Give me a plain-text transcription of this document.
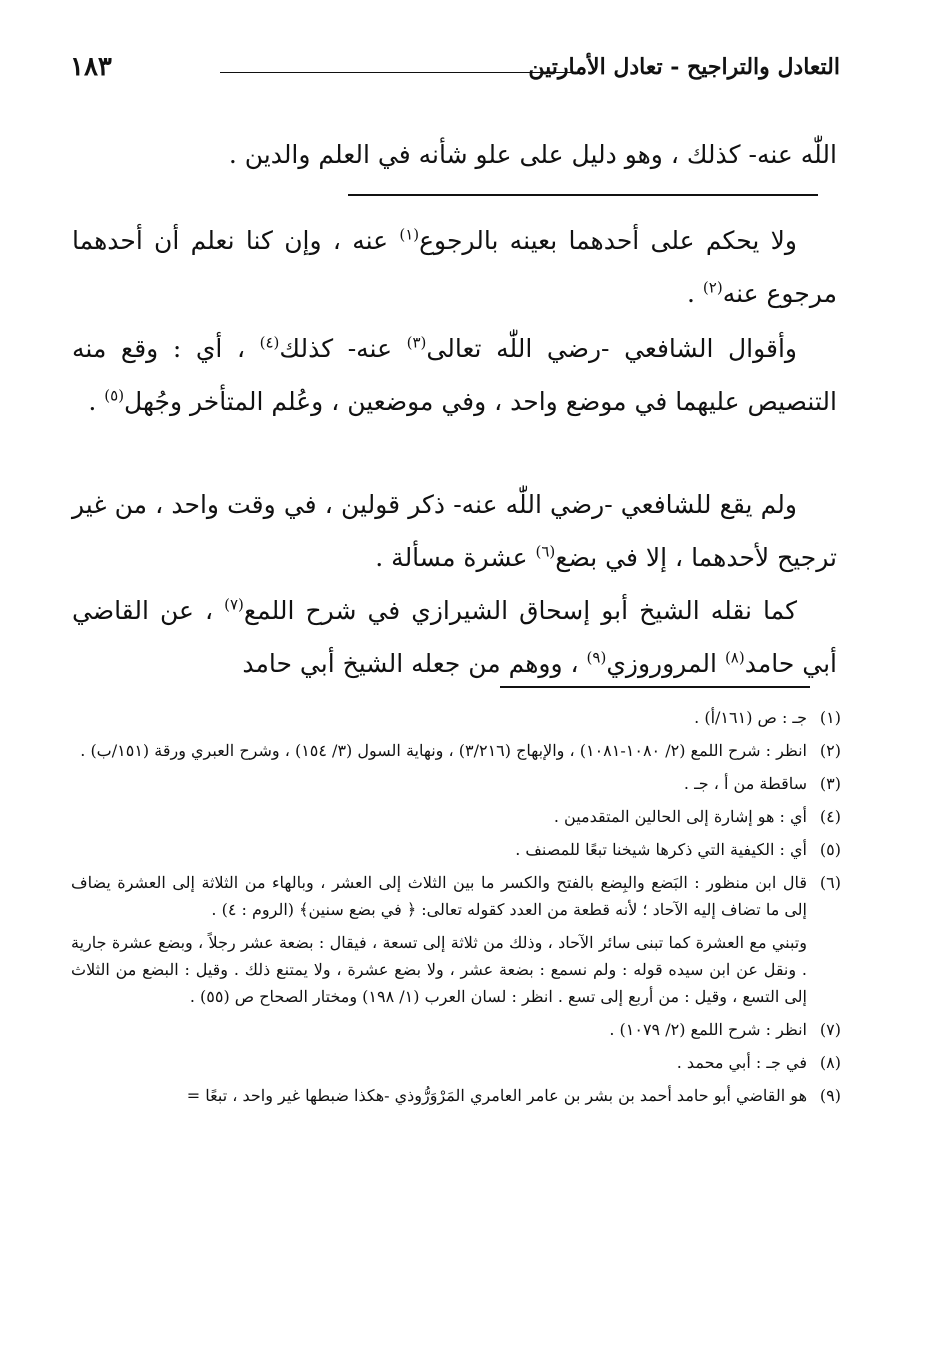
التعادل والتراجيح - تعادل الأمارتين
١٨٣
اللّٰه عنه- كذلك ، وهو دليل على علو شأنه في العلم والدين .
ولا يحكم على أحدهما بعينه بالرجوع$^{(١)}$ عنه ، وإن كنا نعلم أن أحدهما مرجوع عنه$^{(٢)}$ .
وأقوال الشافعي -رضي اللّٰه تعالى$^{(٣)}$ عنه- كذلك$^{(٤)}$ ، أي : وقع منه التنصيص عليهما في موضع واحد ، وفي موضعين ، وعُلم المتأخر وجُهل$^{(٥)}$ .
ولم يقع للشافعي -رضي اللّٰه عنه- ذكر قولين ، في وقت واحد ، من غير ترجيح لأحدهما ، إلا في بضع$^{(٦)}$ عشرة مسألة .
كما نقله الشيخ أبو إسحاق الشيرازي في شرح اللمع$^{(٧)}$ ، عن القاضي أبي حامد$^{(٨)}$ المروروزي$^{(٩)}$ ، ووهم من جعله الشيخ أبي حامد
(١)
جـ : ص (١٦١/أ) .
(٢)
انظر : شرح اللمع (٢/ ١٠٨٠-١٠٨١) ، والإبهاج (٣/٢١٦) ، ونهاية السول (٣/ ١٥٤) ، وشرح العبري ورقة (١٥١/ب) .
(٣)
ساقطة من أ ، جـ .
(٤)
أي : هو إشارة إلى الحالين المتقدمين .
(٥)
أي : الكيفية التي ذكرها شيخنا تبعًا للمصنف .
(٦)
قال ابن منظور : البَضع والبِضع بالفتح والكسر ما بين الثلاث إلى العشر ، وبالهاء من الثلاثة إلى العشرة يضاف إلى ما تضاف إليه الآحاد ؛ لأنه قطعة من العدد كقوله تعالى: ﴿ في بضع سنين﴾ (الروم : ٤) .
وتبني مع العشرة كما تبنى سائر الآحاد ، وذلك من ثلاثة إلى تسعة ، فيقال : بضعة عشر رجلاً ، وبضع عشرة جارية . ونقل عن ابن سيده قوله : ولم نسمع : بضعة عشر ، ولا بضع عشرة ، ولا يمتنع ذلك . وقيل : البضع من الثلاث إلى التسع ، وقيل : من أربع إلى تسع . انظر : لسان العرب (١/ ١٩٨) ومختار الصحاح ص (٥٥) .
(٧)
انظر : شرح اللمع (٢/ ١٠٧٩) .
(٨)
في جـ : أبي محمد .
(٩)
هو القاضي أبو حامد أحمد بن بشر بن عامر العامري المَرْوَرُّوذي -هكذا ضبطها غير واحد ، تبعًا =
